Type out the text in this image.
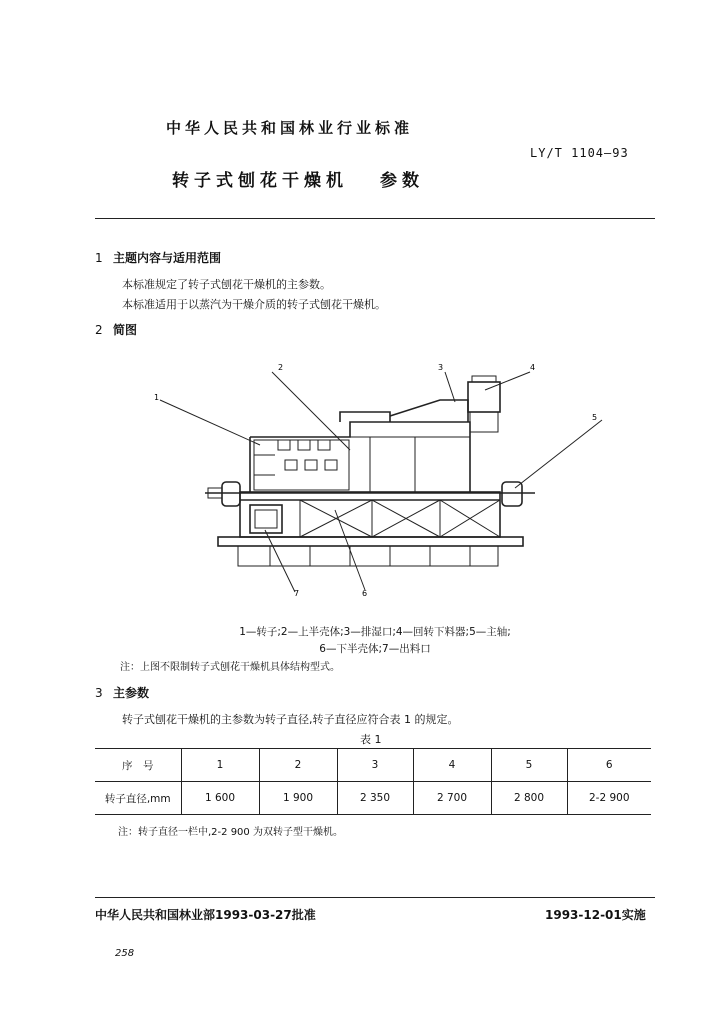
中华人民共和国林业行业标准
LY/T 1104—93
转子式刨花干燥机 参数
1 主题内容与适用范围
本标准规定了转子式刨花干燥机的主参数。
本标准适用于以蒸汽为干燥介质的转子式刨花干燥机。
2 简图
1
2	3	4
5
6
7
1—转子;2—上半壳体;3—排湿口;4—回转下料器;5—主轴;
6—下半壳体;7—出料口
注：上图不限制转子式刨花干燥机具体结构型式。
3 主参数
转子式刨花干燥机的主参数为转子直径,转子直径应符合表 1 的规定。
表 1
序　号	1	2	3	4	5	6
转子直径,mm	1 600	1 900	2 350	2 700	2 800	2-2 900
注：转子直径一栏中,2-2 900 为双转子型干燥机。
中华人民共和国林业部1993-03-27批准	1993-12-01实施
258
